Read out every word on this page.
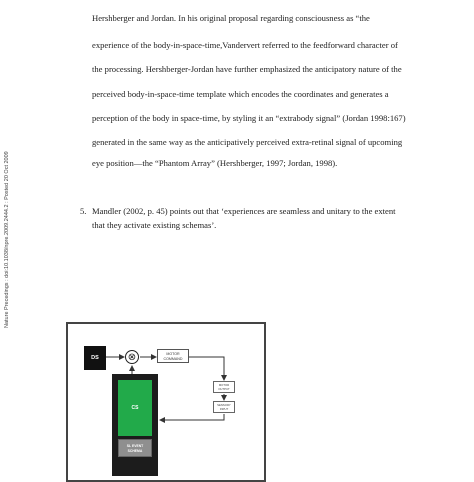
Nature Precedings : doi:10.1038/npre.2009.2444.2 : Posted 20 Oct 2009
Hershberger and Jordan. In his original proposal regarding consciousness as “the
experience of the body-in-space-time,Vandervert referred to the feedforward character of
the processing. Hershberger-Jordan have further emphasized the anticipatory nature of the
perceived body-in-space-time template which encodes the coordinates and generates a
perception of the body in space-time, by styling it an “extrabody signal” (Jordan 1998:167)
generated in the same way as the anticipatively perceived extra-retinal signal of upcoming
eye position—the “Phantom Array” (Hershberger, 1997; Jordan, 1998).
5. Mandler (2002, p. 45) points out that ‘experiences are seamless and unitary to the extent
that they activate existing schemas’.
DS	⊗	MOTOR COMMAND
CS
SL EVENT SCHEMA
MOTOR OUTPUT
SENSORY INPUT
